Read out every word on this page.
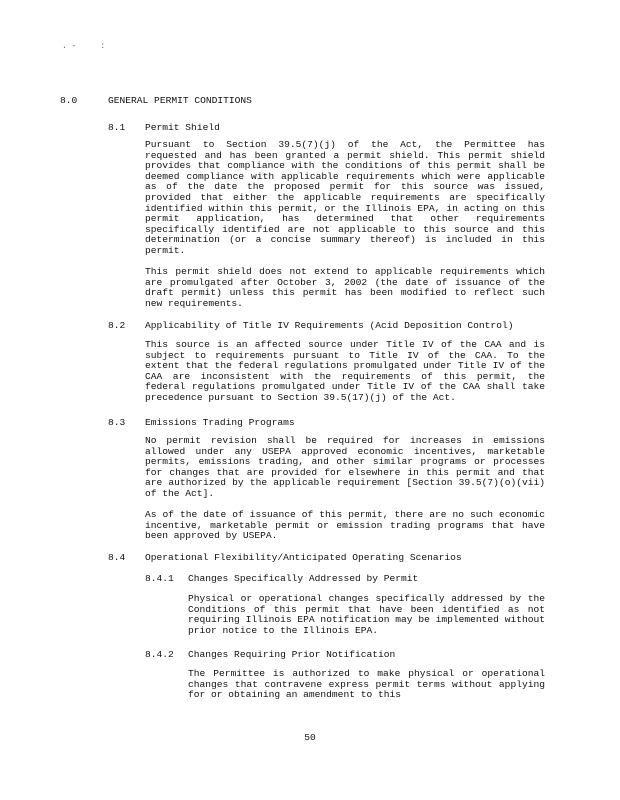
. -     :
8.0	GENERAL PERMIT CONDITIONS
8.1 Permit Shield
Pursuant to Section 39.5(7)(j) of the Act, the Permittee has requested and has been granted a permit shield. This permit shield provides that compliance with the conditions of this permit shall be deemed compliance with applicable requirements which were applicable as of the date the proposed permit for this source was issued, provided that either the applicable requirements are specifically identified within this permit, or the Illinois EPA, in acting on this permit application, has determined that other requirements specifically identified are not applicable to this source and this determination (or a concise summary thereof) is included in this permit.
This permit shield does not extend to applicable requirements which are promulgated after October 3, 2002 (the date of issuance of the draft permit) unless this permit has been modified to reflect such new requirements.
8.2 Applicability of Title IV Requirements (Acid Deposition Control)
This source is an affected source under Title IV of the CAA and is subject to requirements pursuant to Title IV of the CAA. To the extent that the federal regulations promulgated under Title IV of the CAA are inconsistent with the requirements of this permit, the federal regulations promulgated under Title IV of the CAA shall take precedence pursuant to Section 39.5(17)(j) of the Act.
8.3 Emissions Trading Programs
No permit revision shall be required for increases in emissions allowed under any USEPA approved economic incentives, marketable permits, emissions trading, and other similar programs or processes for changes that are provided for elsewhere in this permit and that are authorized by the applicable requirement [Section 39.5(7)(o)(vii) of the Act].
As of the date of issuance of this permit, there are no such economic incentive, marketable permit or emission trading programs that have been approved by USEPA.
8.4 Operational Flexibility/Anticipated Operating Scenarios
8.4.1 Changes Specifically Addressed by Permit
Physical or operational changes specifically addressed by the Conditions of this permit that have been identified as not requiring Illinois EPA notification may be implemented without prior notice to the Illinois EPA.
8.4.2 Changes Requiring Prior Notification
The Permittee is authorized to make physical or operational changes that contravene express permit terms without applying for or obtaining an amendment to this
50
